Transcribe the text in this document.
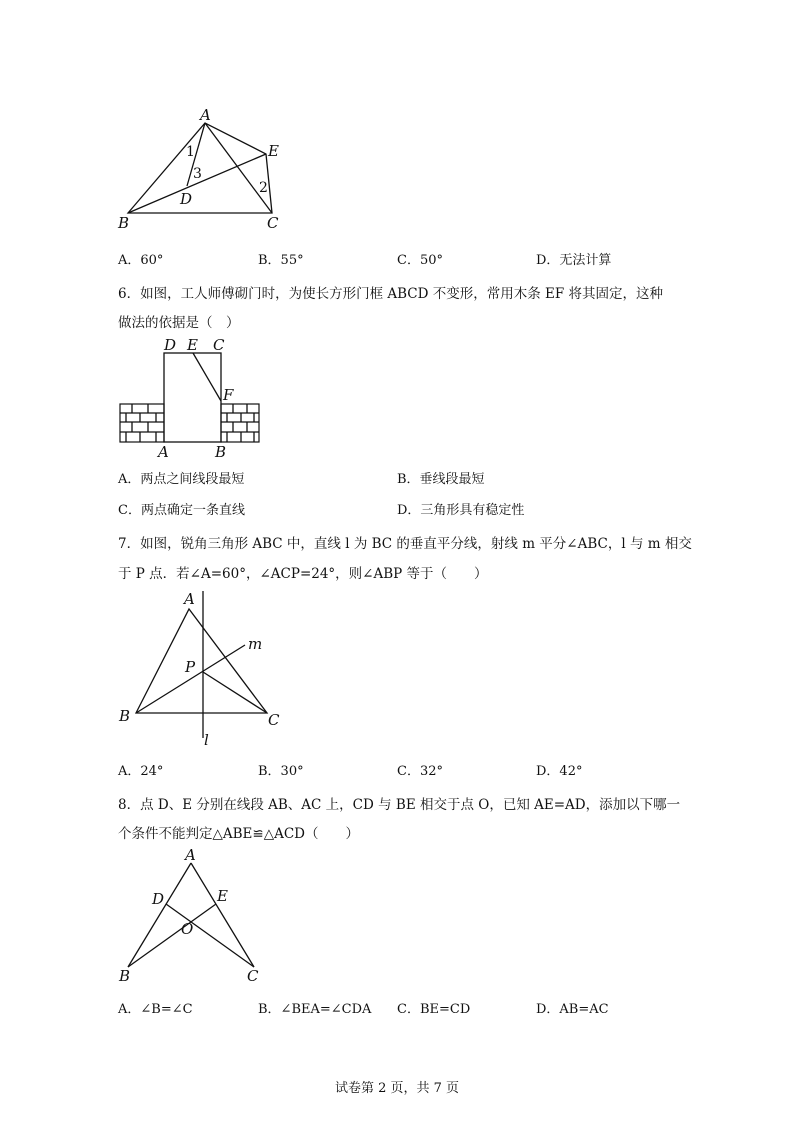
A
E
1
3
2
D
B	C
A．60°	B．55°	C．50°	D．无法计算
6．如图，工人师傅砌门时，为使长方形门框 ABCD 不变形，常用木条 EF 将其固定，这种
做法的依据是（　）
D E C
F
A	B
A．两点之间线段最短	B．垂线段最短
C．两点确定一条直线	D．三角形具有稳定性
7．如图，锐角三角形 ABC 中，直线 l 为 BC 的垂直平分线，射线 m 平分∠ABC，l 与 m 相交
于 P 点．若∠A=60°，∠ACP=24°，则∠ABP 等于（　　）
A
m
P
B	C
l
A．24°	B．30°	C．32°	D．42°
8．点 D、E 分别在线段 AB、AC 上，CD 与 BE 相交于点 O，已知 AE=AD，添加以下哪一
个条件不能判定△ABE≌△ACD（　　）
A
D	E
O
B	C
A．∠B=∠C	B．∠BEA=∠CDA C．BE=CD	D．AB=AC
试卷第 2 页，共 7 页
